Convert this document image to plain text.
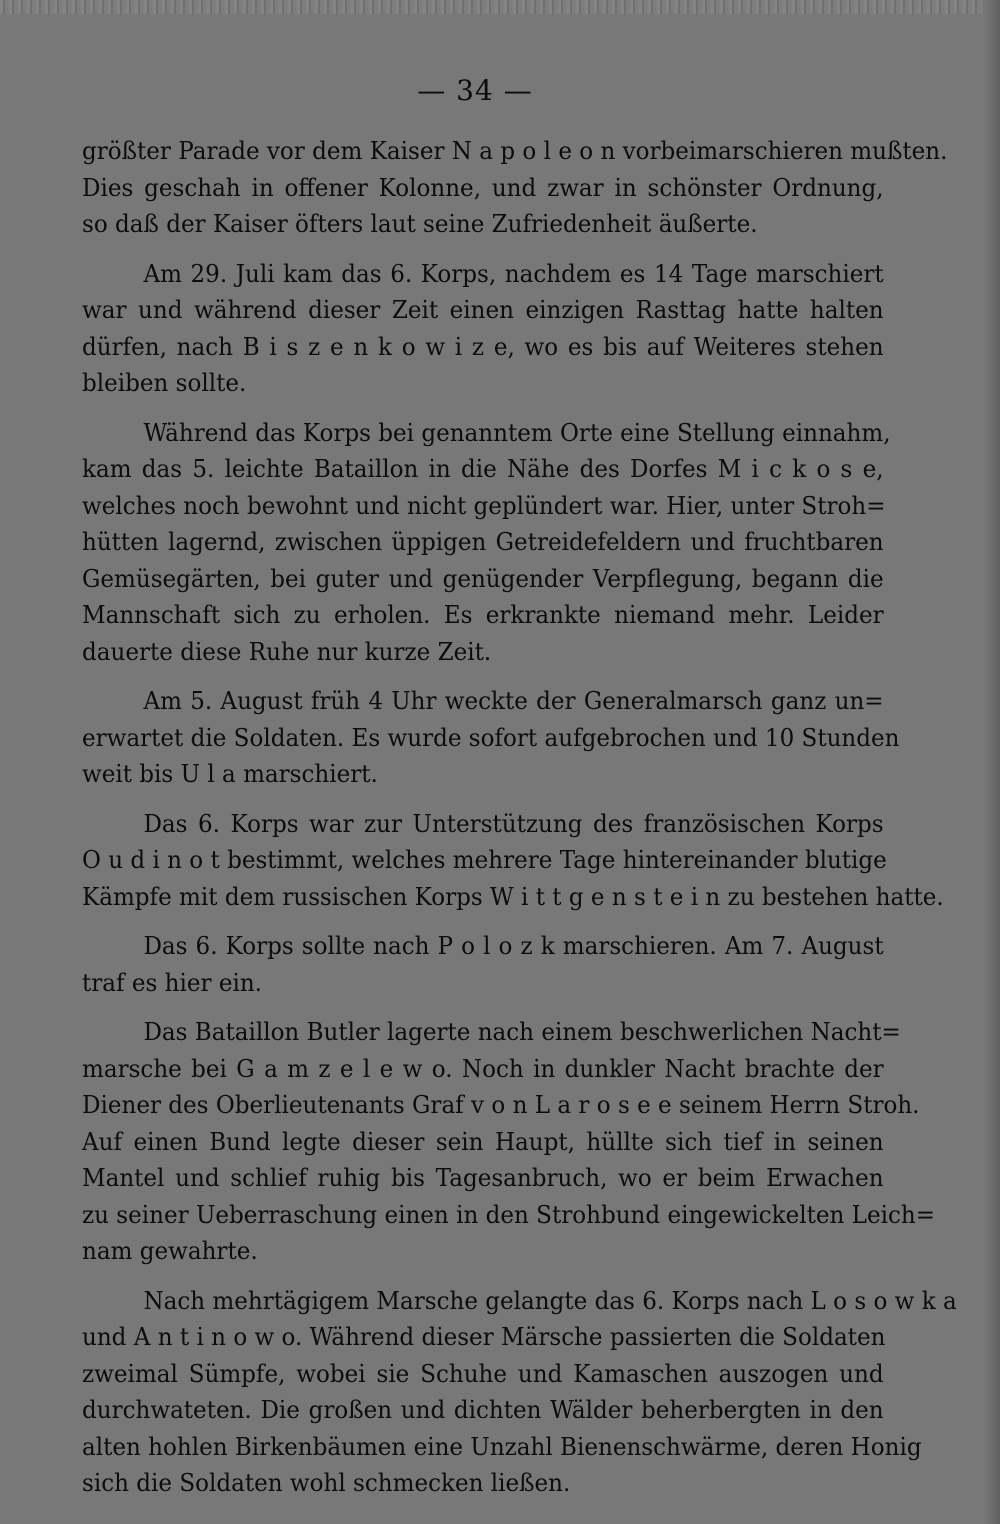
— 34 —
größter Parade vor dem Kaiser N a p o l e o n vorbeimarschieren mußten.
Dies geschah in offener Kolonne, und zwar in schönster Ordnung,
so daß der Kaiser öfters laut seine Zufriedenheit äußerte.
Am 29. Juli kam das 6. Korps, nachdem es 14 Tage marschiert
war und während dieser Zeit einen einzigen Rasttag hatte halten
dürfen, nach B i s z e n k o w i z e, wo es bis auf Weiteres stehen
bleiben sollte.
Während das Korps bei genanntem Orte eine Stellung einnahm,
kam das 5. leichte Bataillon in die Nähe des Dorfes M i c k o s e,
welches noch bewohnt und nicht geplündert war. Hier, unter Stroh=
hütten lagernd, zwischen üppigen Getreidefeldern und fruchtbaren
Gemüsegärten, bei guter und genügender Verpflegung, begann die
Mannschaft sich zu erholen. Es erkrankte niemand mehr. Leider
dauerte diese Ruhe nur kurze Zeit.
Am 5. August früh 4 Uhr weckte der Generalmarsch ganz un=
erwartet die Soldaten. Es wurde sofort aufgebrochen und 10 Stunden
weit bis U l a marschiert.
Das 6. Korps war zur Unterstützung des französischen Korps
O u d i n o t bestimmt, welches mehrere Tage hintereinander blutige
Kämpfe mit dem russischen Korps W i t t g e n s t e i n zu bestehen hatte.
Das 6. Korps sollte nach P o l o z k marschieren. Am 7. August
traf es hier ein.
Das Bataillon Butler lagerte nach einem beschwerlichen Nacht=
marsche bei G a m z e l e w o. Noch in dunkler Nacht brachte der
Diener des Oberlieutenants Graf v o n L a r o s e e seinem Herrn Stroh.
Auf einen Bund legte dieser sein Haupt, hüllte sich tief in seinen
Mantel und schlief ruhig bis Tagesanbruch, wo er beim Erwachen
zu seiner Ueberraschung einen in den Strohbund eingewickelten Leich=
nam gewahrte.
Nach mehrtägigem Marsche gelangte das 6. Korps nach L o s o w k a
und A n t i n o w o. Während dieser Märsche passierten die Soldaten
zweimal Sümpfe, wobei sie Schuhe und Kamaschen auszogen und
durchwateten. Die großen und dichten Wälder beherbergten in den
alten hohlen Birkenbäumen eine Unzahl Bienenschwärme, deren Honig
sich die Soldaten wohl schmecken ließen.
